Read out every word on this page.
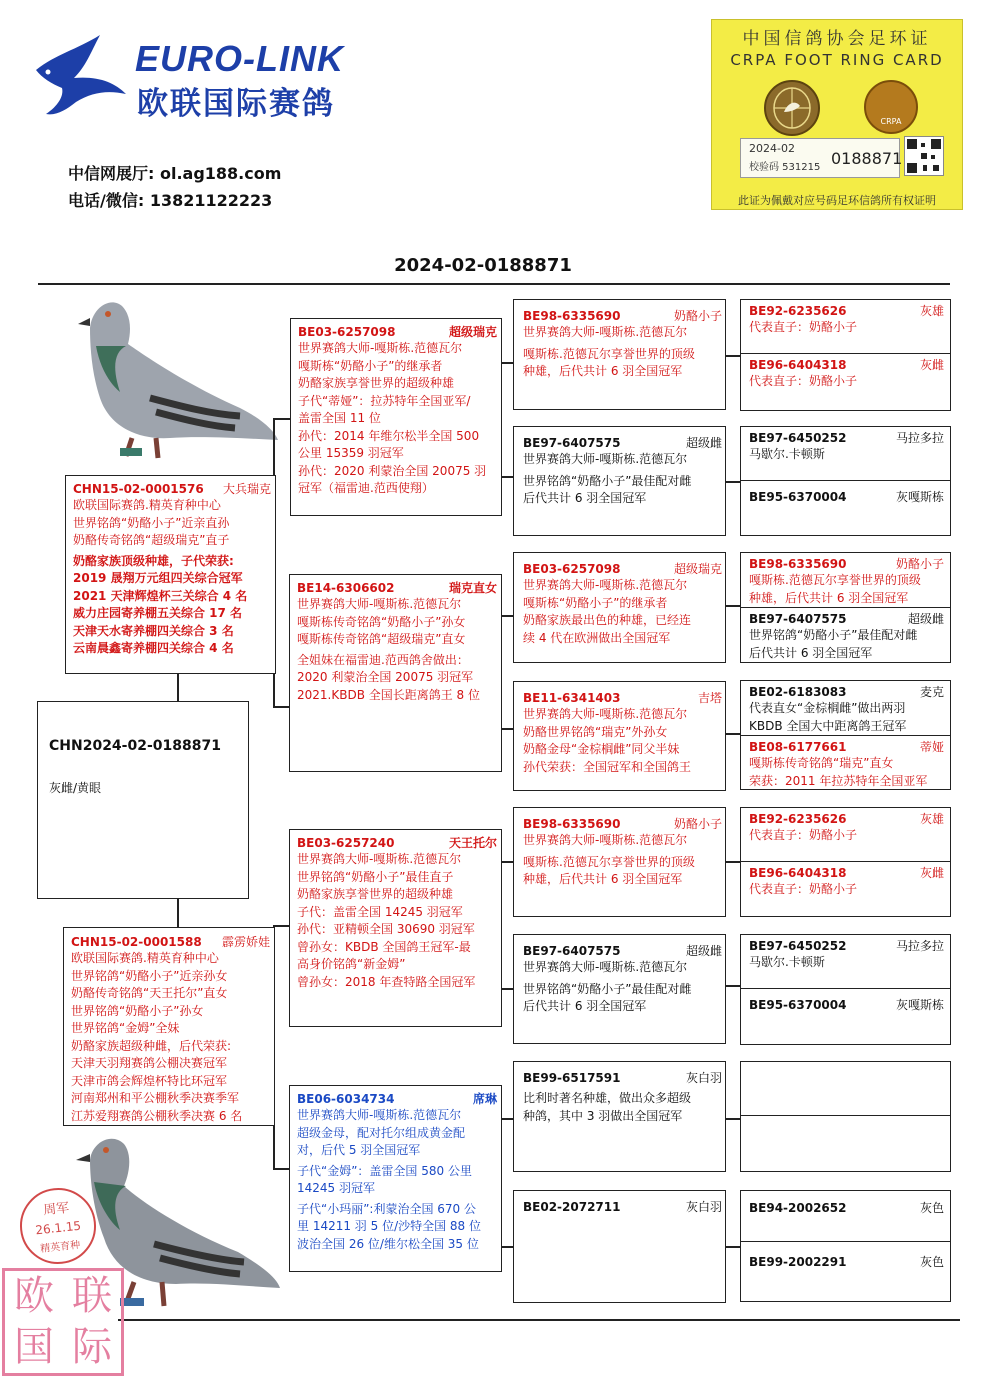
EURO-LINK
欧联国际赛鸽
中信网展厅: ol.ag188.com
电话/微信: 13821122223
中国信鸽协会足环证
CRPA FOOT RING CARD
CRPA
2024-02
校验码 531215 0188871
此证为佩戴对应号码足环信鸽所有权证明
2024-02-0188871
周军
26.1.15
精英育种
欧 联
国 际
CHN2024-02-0188871
灰雌/黄眼
CHN15-02-0001576 大兵瑞克
欧联国际赛鸽.精英育种中心
世界铭鸽“奶酪小子”近亲直孙
奶酪传奇铭鸽“超级瑞克”直子
奶酪家族顶级种雄，子代荣获:
2019 晟翔万元组四关综合冠军
2021 天津辉煌杯三关综合 4 名
威力庄园寄养棚五关综合 17 名
天津天水寄养棚四关综合 3 名
云南晨鑫寄养棚四关综合 4 名
CHN15-02-0001588 霹雳娇娃
欧联国际赛鸽.精英育种中心
世界铭鸽“奶酪小子”近亲孙女
奶酪传奇铭鸽“天王托尔”直女
世界铭鸽“奶酪小子”孙女
世界铭鸽“金姆”全妹
奶酪家族超级种雌，后代荣获:
天津天羽翔赛鸽公棚决赛冠军
天津市鸽会辉煌杯特比环冠军
河南郑州和平公棚秋季决赛季军
江苏爱翔赛鸽公棚秋季决赛 6 名
BE03-6257098	超级瑞克
世界赛鸽大师-嘎斯栋.范德瓦尔
嘎斯栋“奶酪小子”的继承者
奶酪家族享誉世界的超级种雄
子代“蒂娅”：拉苏特年全国亚军/
盖雷全国 11 位
孙代：2014 年维尔松半全国 500
公里 15359 羽冠军
孙代：2020 利蒙治全国 20075 羽
冠军（福雷迪.范西使翔）
BE14-6306602	瑞克直女
世界赛鸽大师-嘎斯栋.范德瓦尔
嘎斯栋传奇铭鸽“奶酪小子”孙女
嘎斯栋传奇铭鸽“超级瑞克”直女
全姐妹在福雷迪.范西鸽舍做出：
2020 利蒙治全国 20075 羽冠军
2021.KBDB 全国长距离鸽王 8 位
BE03-6257240	天王托尔
世界赛鸽大师-嘎斯栋.范德瓦尔
世界铭鸽“奶酪小子”最佳直子
奶酪家族享誉世界的超级种雄
子代：盖雷全国 14245 羽冠军
孙代：亚精顿全国 30690 羽冠军
曾孙女：KBDB 全国鸽王冠军-最
高身价铭鸽“新金姆”
曾孙女：2018 年查特路全国冠军
BE06-6034734	席琳
世界赛鸽大师-嘎斯栋.范德瓦尔
超级金母，配对托尔组成黄金配
对，后代 5 羽全国冠军
子代“金姆”：盖雷全国 580 公里
14245 羽冠军
子代“小玛丽”:利蒙治全国 670 公
里 14211 羽 5 位/沙特全国 88 位
波治全国 26 位/维尔松全国 35 位
BE98-6335690	奶酪小子
世界赛鸽大师-嘎斯栋.范德瓦尔
嘎斯栋.范德瓦尔享誉世界的顶级
种雄，后代共计 6 羽全国冠军
BE97-6407575	超级雌
世界赛鸽大师-嘎斯栋.范德瓦尔
世界铭鸽“奶酪小子”最佳配对雌
后代共计 6 羽全国冠军
BE03-6257098	超级瑞克
世界赛鸽大师-嘎斯栋.范德瓦尔
嘎斯栋“奶酪小子”的继承者
奶酪家族最出色的种雄，已经连
续 4 代在欧洲做出全国冠军
BE11-6341403	吉塔
世界赛鸽大师-嘎斯栋.范德瓦尔
奶酪世界铭鸽“瑞克”外孙女
奶酪金母“金棕榈雌”同父半妹
孙代荣获：全国冠军和全国鸽王
BE98-6335690	奶酪小子
世界赛鸽大师-嘎斯栋.范德瓦尔
嘎斯栋.范德瓦尔享誉世界的顶级
种雄，后代共计 6 羽全国冠军
BE97-6407575	超级雌
世界赛鸽大师-嘎斯栋.范德瓦尔
世界铭鸽“奶酪小子”最佳配对雌
后代共计 6 羽全国冠军
BE99-6517591	灰白羽
比利时著名种雄，做出众多超级
种鸽，其中 3 羽做出全国冠军
BE02-2072711	灰白羽
BE92-6235626	灰雄
代表直子：奶酪小子
BE96-6404318	灰雌
代表直子：奶酪小子
BE97-6450252	马拉多拉
马歇尔.卡顿斯
BE95-6370004	灰嘎斯栋
BE98-6335690	奶酪小子
嘎斯栋.范德瓦尔享誉世界的顶级
种雄，后代共计 6 羽全国冠军
BE97-6407575	超级雌
世界铭鸽“奶酪小子”最佳配对雌
后代共计 6 羽全国冠军
BE02-6183083	麦克
代表直女“金棕榈雌”做出两羽
KBDB 全国大中距离鸽王冠军
BE08-6177661	蒂娅
嘎斯栋传奇铭鸽“瑞克”直女
荣获：2011 年拉苏特年全国亚军
BE92-6235626	灰雄
代表直子：奶酪小子
BE96-6404318	灰雌
代表直子：奶酪小子
BE97-6450252	马拉多拉
马歇尔.卡顿斯
BE95-6370004	灰嘎斯栋
BE94-2002652	灰色
BE99-2002291	灰色
